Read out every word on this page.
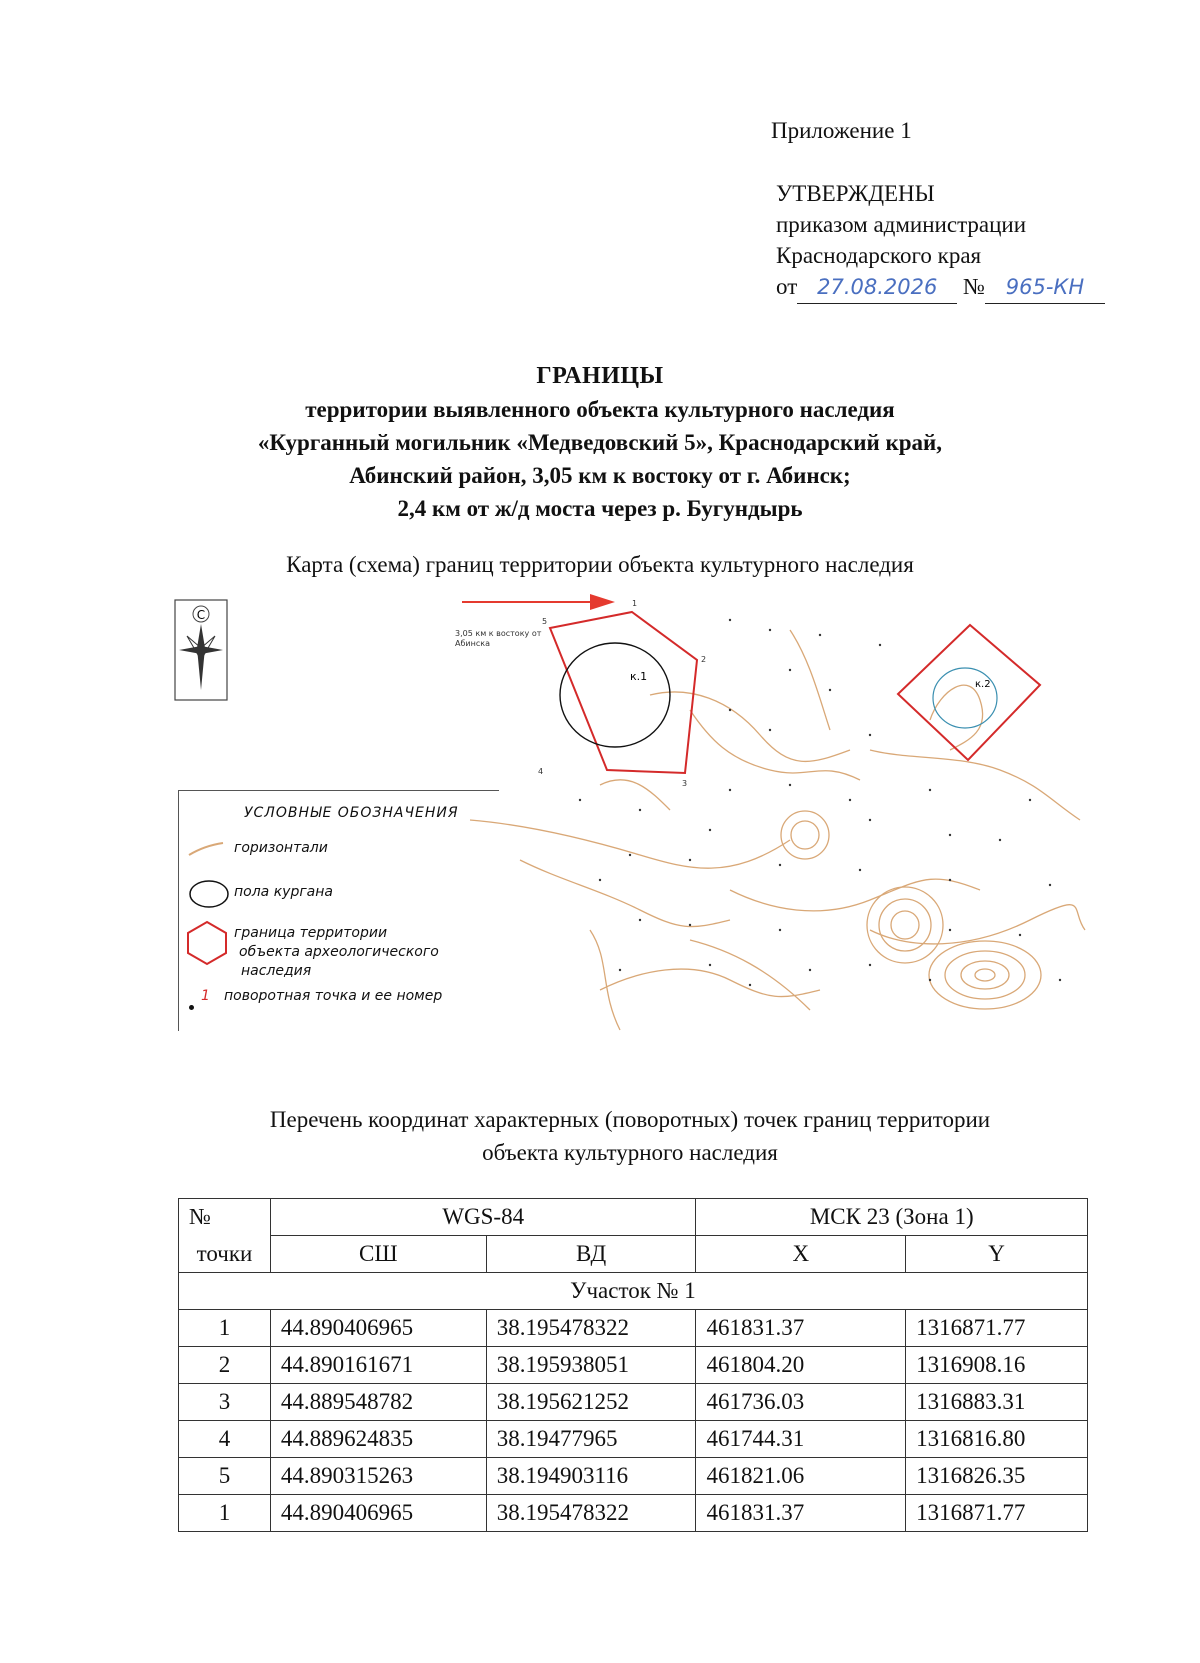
Приложение 1
УТВЕРЖДЕНЫ
приказом администрации
Краснодарского края
от 27.08.2026 № 965-КН
ГРАНИЦЫ
территории выявленного объекта культурного наследия
«Курганный могильник «Медведовский 5», Краснодарский край,
Абинский район, 3,05 км к востоку от г. Абинск;
2,4 км от ж/д моста через р. Бугундырь
Карта (схема) границ территории объекта культурного наследия
С
3,05 км к востоку от
Абинска
к.1
1
2
3
4
5
к.2
УСЛОВНЫЕ ОБОЗНАЧЕНИЯ
горизонтали
пола кургана
граница территории
объекта археологического
наследия
1 поворотная точка и ее номер
Перечень координат характерных (поворотных) точек границ территории
объекта культурного наследия
№	WGS-84		МСК 23 (Зона 1)	
точки	СШ	ВД	X	Y
Участок № 1				
1	44.890406965	38.195478322	461831.37	1316871.77
2	44.890161671	38.195938051	461804.20	1316908.16
3	44.889548782	38.195621252	461736.03	1316883.31
4	44.889624835	38.19477965	461744.31	1316816.80
5	44.890315263	38.194903116	461821.06	1316826.35
1	44.890406965	38.195478322	461831.37	1316871.77
